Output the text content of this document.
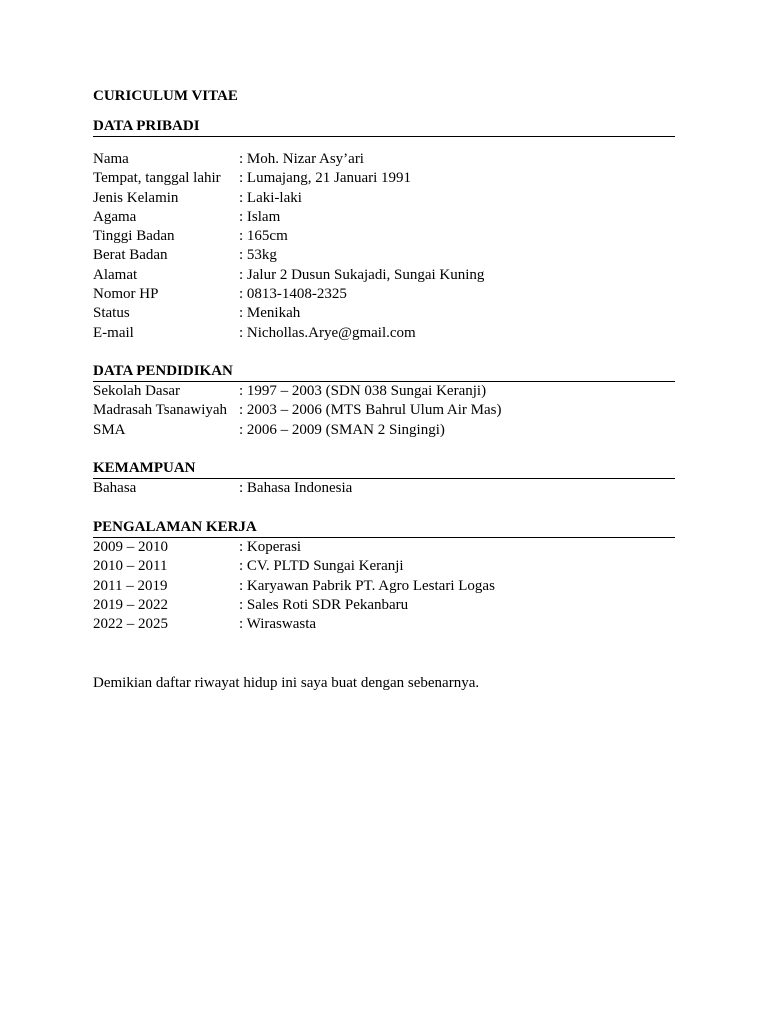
CURICULUM VITAE
DATA PRIBADI
Nama	: Moh. Nizar Asy’ari
Tempat, tanggal lahir	: Lumajang, 21 Januari 1991
Jenis Kelamin	: Laki-laki
Agama	: Islam
Tinggi Badan	: 165cm
Berat Badan	: 53kg
Alamat	: Jalur 2 Dusun Sukajadi, Sungai Kuning
Nomor HP	: 0813-1408-2325
Status	: Menikah
E-mail	: Nichollas.Arye@gmail.com
DATA PENDIDIKAN
Sekolah Dasar	: 1997 – 2003 (SDN 038 Sungai Keranji)
Madrasah Tsanawiyah : 2003 – 2006 (MTS Bahrul Ulum Air Mas)
SMA	: 2006 – 2009 (SMAN 2 Singingi)
KEMAMPUAN
Bahasa	: Bahasa Indonesia
PENGALAMAN KERJA
2009 – 2010	: Koperasi
2010 – 2011	: CV. PLTD Sungai Keranji
2011 – 2019	: Karyawan Pabrik PT. Agro Lestari Logas
2019 – 2022	: Sales Roti SDR Pekanbaru
2022 – 2025	: Wiraswasta
Demikian daftar riwayat hidup ini saya buat dengan sebenarnya.
